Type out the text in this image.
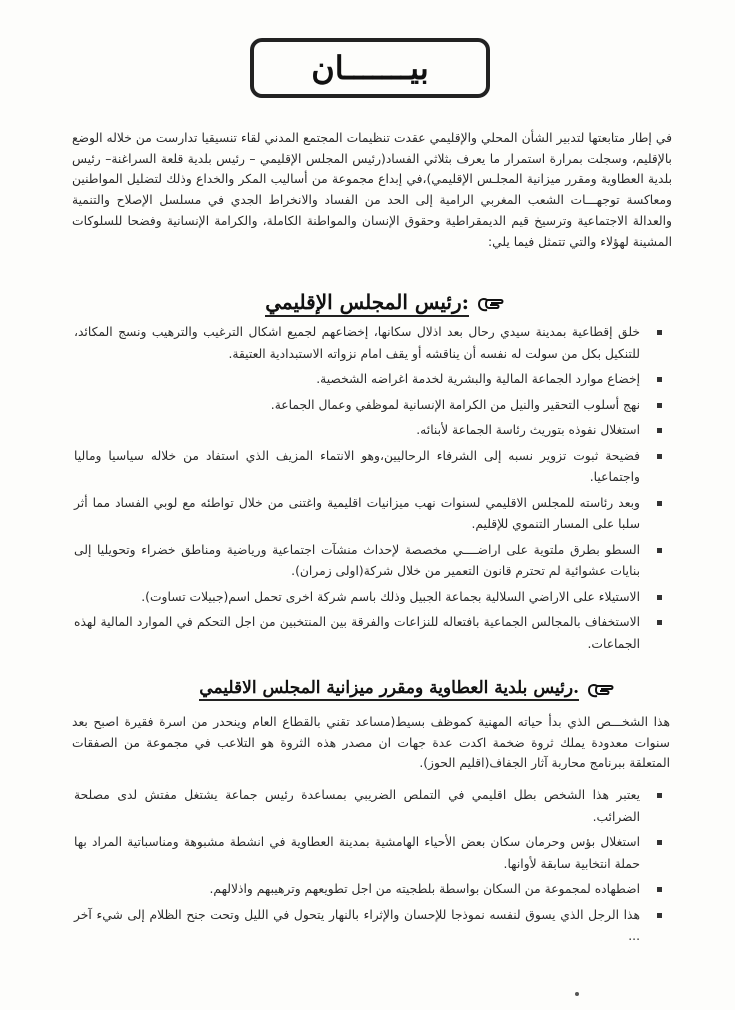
بيـــــــان

في إطار متابعتها لتدبير الشأن المحلي والإقليمي عقدت تنظيمات المجتمع المدني لقاء تنسيقيا تدارست من خلاله الوضع بالإقليم، وسجلت بمرارة استمرار ما يعرف بثلاثي الفساد(رئيس المجلس الإقليمي – رئيس بلدية قلعة السراغنة– رئيس بلدية العطاوية ومقرر ميزانية المجلـس الإقليمي)،في إبداع مجموعة من أساليب المكر والخداع وذلك لتضليل المواطنين ومعاكسة توجهـــات الشعب المغربي الرامية إلى الحد من الفساد والانخراط الجدي في مسلسل الإصلاح والتنمية والعدالة الاجتماعية وترسيخ قيم الديمقراطية وحقوق الإنسان والمواطنة الكاملة، والكرامة الإنسانية وفضحا للسلوكات المشينة لهؤلاء والتي تتمثل فيما يلي:

رئيس المجلس الإقليمي:
خلق إقطاعية بمدينة سيدي رحال بعد اذلال سكانها، إخضاعهم لجميع اشكال الترغيب والترهيب ونسج المكائد، للتنكيل بكل من سولت له نفسه أن يناقشه أو يقف امام نزواته الاستبدادية العتيقة.
إخضاع موارد الجماعة المالية والبشرية لخدمة اغراضه الشخصية.
نهج أسلوب التحقير والنيل من الكرامة الإنسانية لموظفي وعمال الجماعة.
استغلال نفوذه بتوريث رئاسة الجماعة لأبنائه.
فضيحة ثبوت تزوير نسبه إلى الشرفاء الرحاليين،وهو الانتماء المزيف الذي استفاد من خلاله سياسيا وماليا واجتماعيا.
وبعد رئاسته للمجلس الاقليمي لسنوات نهب ميزانيات اقليمية واغتنى من خلال تواطئه مع لوبي الفساد مما أثر سلبا على المسار التنموي للإقليم.
السطو بطرق ملتوية على اراضــــي مخصصة لإحداث منشآت اجتماعية ورياضية ومناطق خضراء وتحويليا إلى بنايات عشوائية لم تحترم قانون التعمير من خلال شركة(اولى زمران).
الاستيلاء على الاراضي السلالية بجماعة الجبيل وذلك باسم شركة اخرى تحمل اسم(جبيلات تساوت).
الاستخفاف بالمجالس الجماعية بافتعاله للنزاعات والفرقة بين المنتخبين من اجل التحكم في الموارد المالية لهذه الجماعات.
رئيس بلدية العطاوية ومقرر ميزانية المجلس الاقليمي.

هذا الشخـــص الذي بدأ حياته المهنية كموظف بسيط(مساعد تقني بالقطاع العام وينحدر من اسرة فقيرة اصبح بعد سنوات معدودة يملك ثروة ضخمة اكدت عدة جهات ان مصدر هذه الثروة هو التلاعب في مجموعة من الصفقات المتعلقة ببرنامج محاربة آثار الجفاف(اقليم الحوز).

يعتبر هذا الشخص بطل اقليمي في التملص الضريبي بمساعدة رئيس جماعة يشتغل مفتش لدى مصلحة الضرائب.
استغلال بؤس وحرمان سكان بعض الأحياء الهامشية بمدينة العطاوية في انشطة مشبوهة ومناسباتية المراد بها حملة انتخابية سابقة لأوانها.
اضطهاده لمجموعة من السكان بواسطة بلطجيته من اجل تطويعهم وترهيبهم واذلالهم.
هذا الرجل الذي يسوق لنفسه نموذجا للإحسان والإثراء بالنهار يتحول في الليل وتحت جنح الظلام إلى شيء آخر ...
